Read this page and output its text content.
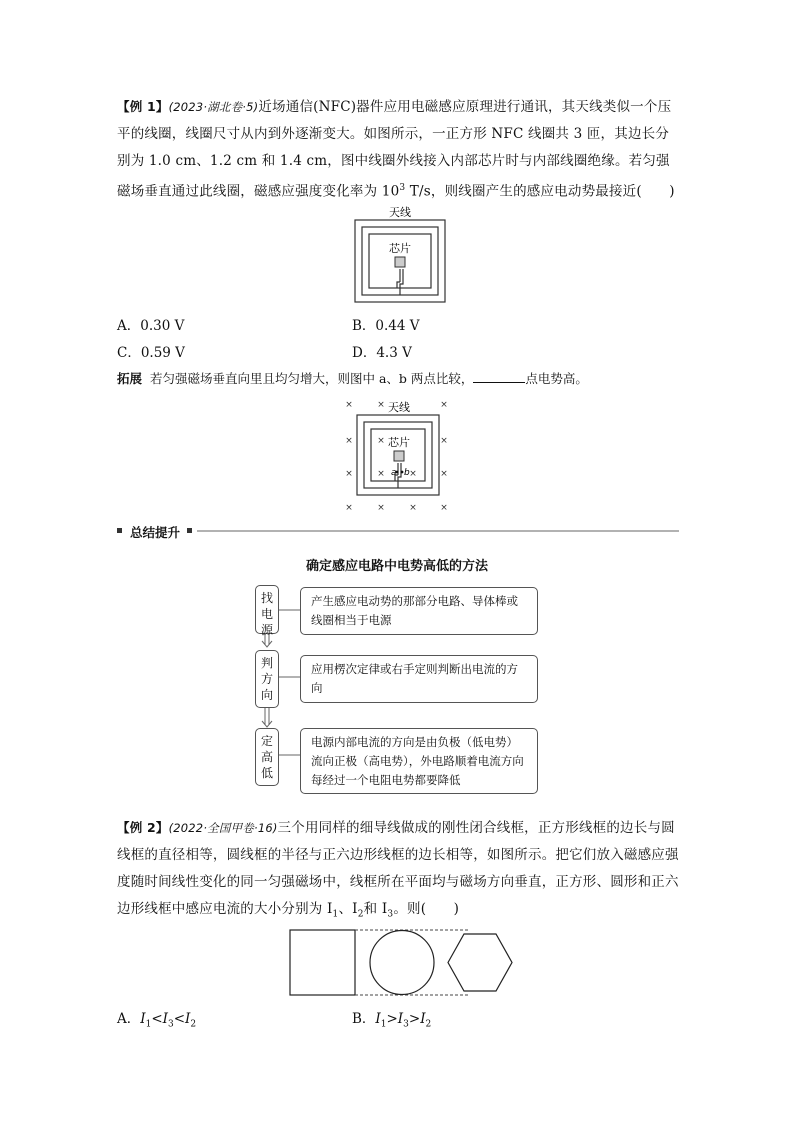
【例 1】(2023·湖北卷·5)近场通信(NFC)器件应用电磁感应原理进行通讯，其天线类似一个压平的线圈，线圈尺寸从内到外逐渐变大。如图所示，一正方形 NFC 线圈共 3 匝，其边长分别为 1.0 cm、1.2 cm 和 1.4 cm，图中线圈外线接入内部芯片时与内部线圈绝缘。若匀强磁场垂直通过此线圈，磁感应强度变化率为 $10^3$ T/s，则线圈产生的感应电动势最接近(　　)
天线
芯片
A．0.30 V	B．0.44 V
C．0.59 V	D．4.3 V
拓展 若匀强磁场垂直向里且均匀增大，则图中 a、b 两点比较，	点电势高。
×	×	×
×	×
×	×
×	×	×	×
×
×	×
天线
芯片
a b
总结提升
确定感应电路中电势高低的方法
找电源
产生感应电动势的那部分电路、导体棒或线圈相当于电源
判方向
应用楞次定律或右手定则判断出电流的方向
定高低
电源内部电流的方向是由负极（低电势）流向正极（高电势），外电路顺着电流方向每经过一个电阻电势都要降低
【例 2】(2022·全国甲卷·16)三个用同样的细导线做成的刚性闭合线框，正方形线框的边长与圆线框的直径相等，圆线框的半径与正六边形线框的边长相等，如图所示。把它们放入磁感应强度随时间线性变化的同一匀强磁场中，线框所在平面均与磁场方向垂直，正方形、圆形和正六边形线框中感应电流的大小分别为 $I_1$、$I_2$和 $I_3$。则(　　)
A．$I_1<I_3<I_2$	B．$I_1>I_3>I_2$
